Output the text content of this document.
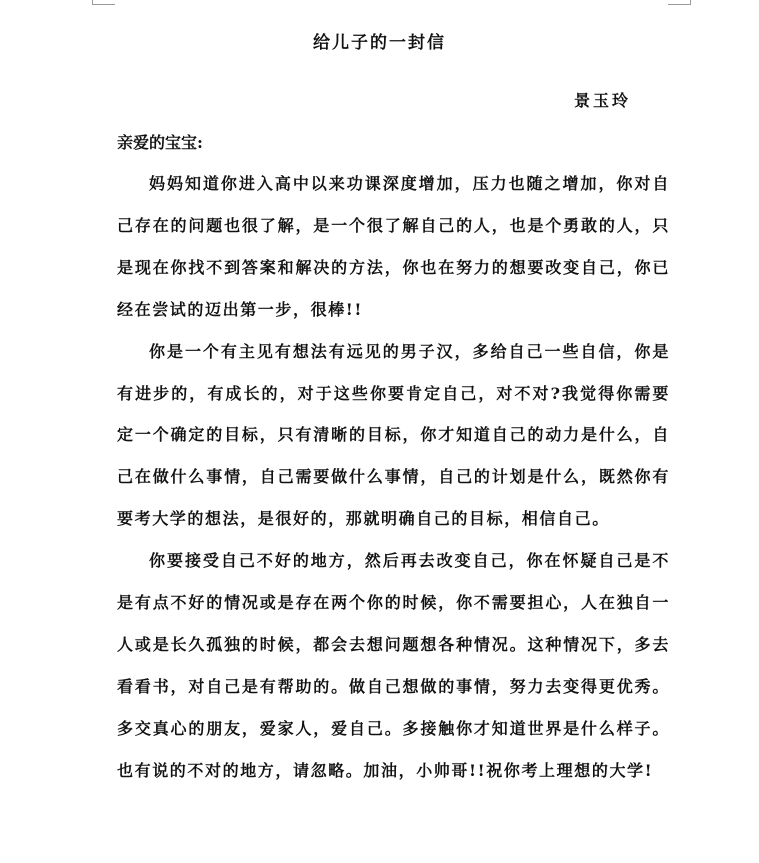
给儿子的一封信
景玉玲
亲爱的宝宝:

妈妈知道你进入高中以来功课深度增加，压力也随之增加，你对自己存在的问题也很了解，是一个很了解自己的人，也是个勇敢的人，只是现在你找不到答案和解决的方法，你也在努力的想要改变自己，你已经在尝试的迈出第一步，很棒!!

你是一个有主见有想法有远见的男子汉，多给自己一些自信，你是有进步的，有成长的，对于这些你要肯定自己，对不对?我觉得你需要定一个确定的目标，只有清晰的目标，你才知道自己的动力是什么，自己在做什么事情，自己需要做什么事情，自己的计划是什么，既然你有要考大学的想法，是很好的，那就明确自己的目标，相信自己。

你要接受自己不好的地方，然后再去改变自己，你在怀疑自己是不是有点不好的情况或是存在两个你的时候，你不需要担心，人在独自一人或是长久孤独的时候，都会去想问题想各种情况。这种情况下，多去看看书，对自己是有帮助的。做自己想做的事情，努力去变得更优秀。多交真心的朋友，爱家人，爱自己。多接触你才知道世界是什么样子。也有说的不对的地方，请忽略。加油，小帅哥!!祝你考上理想的大学!
